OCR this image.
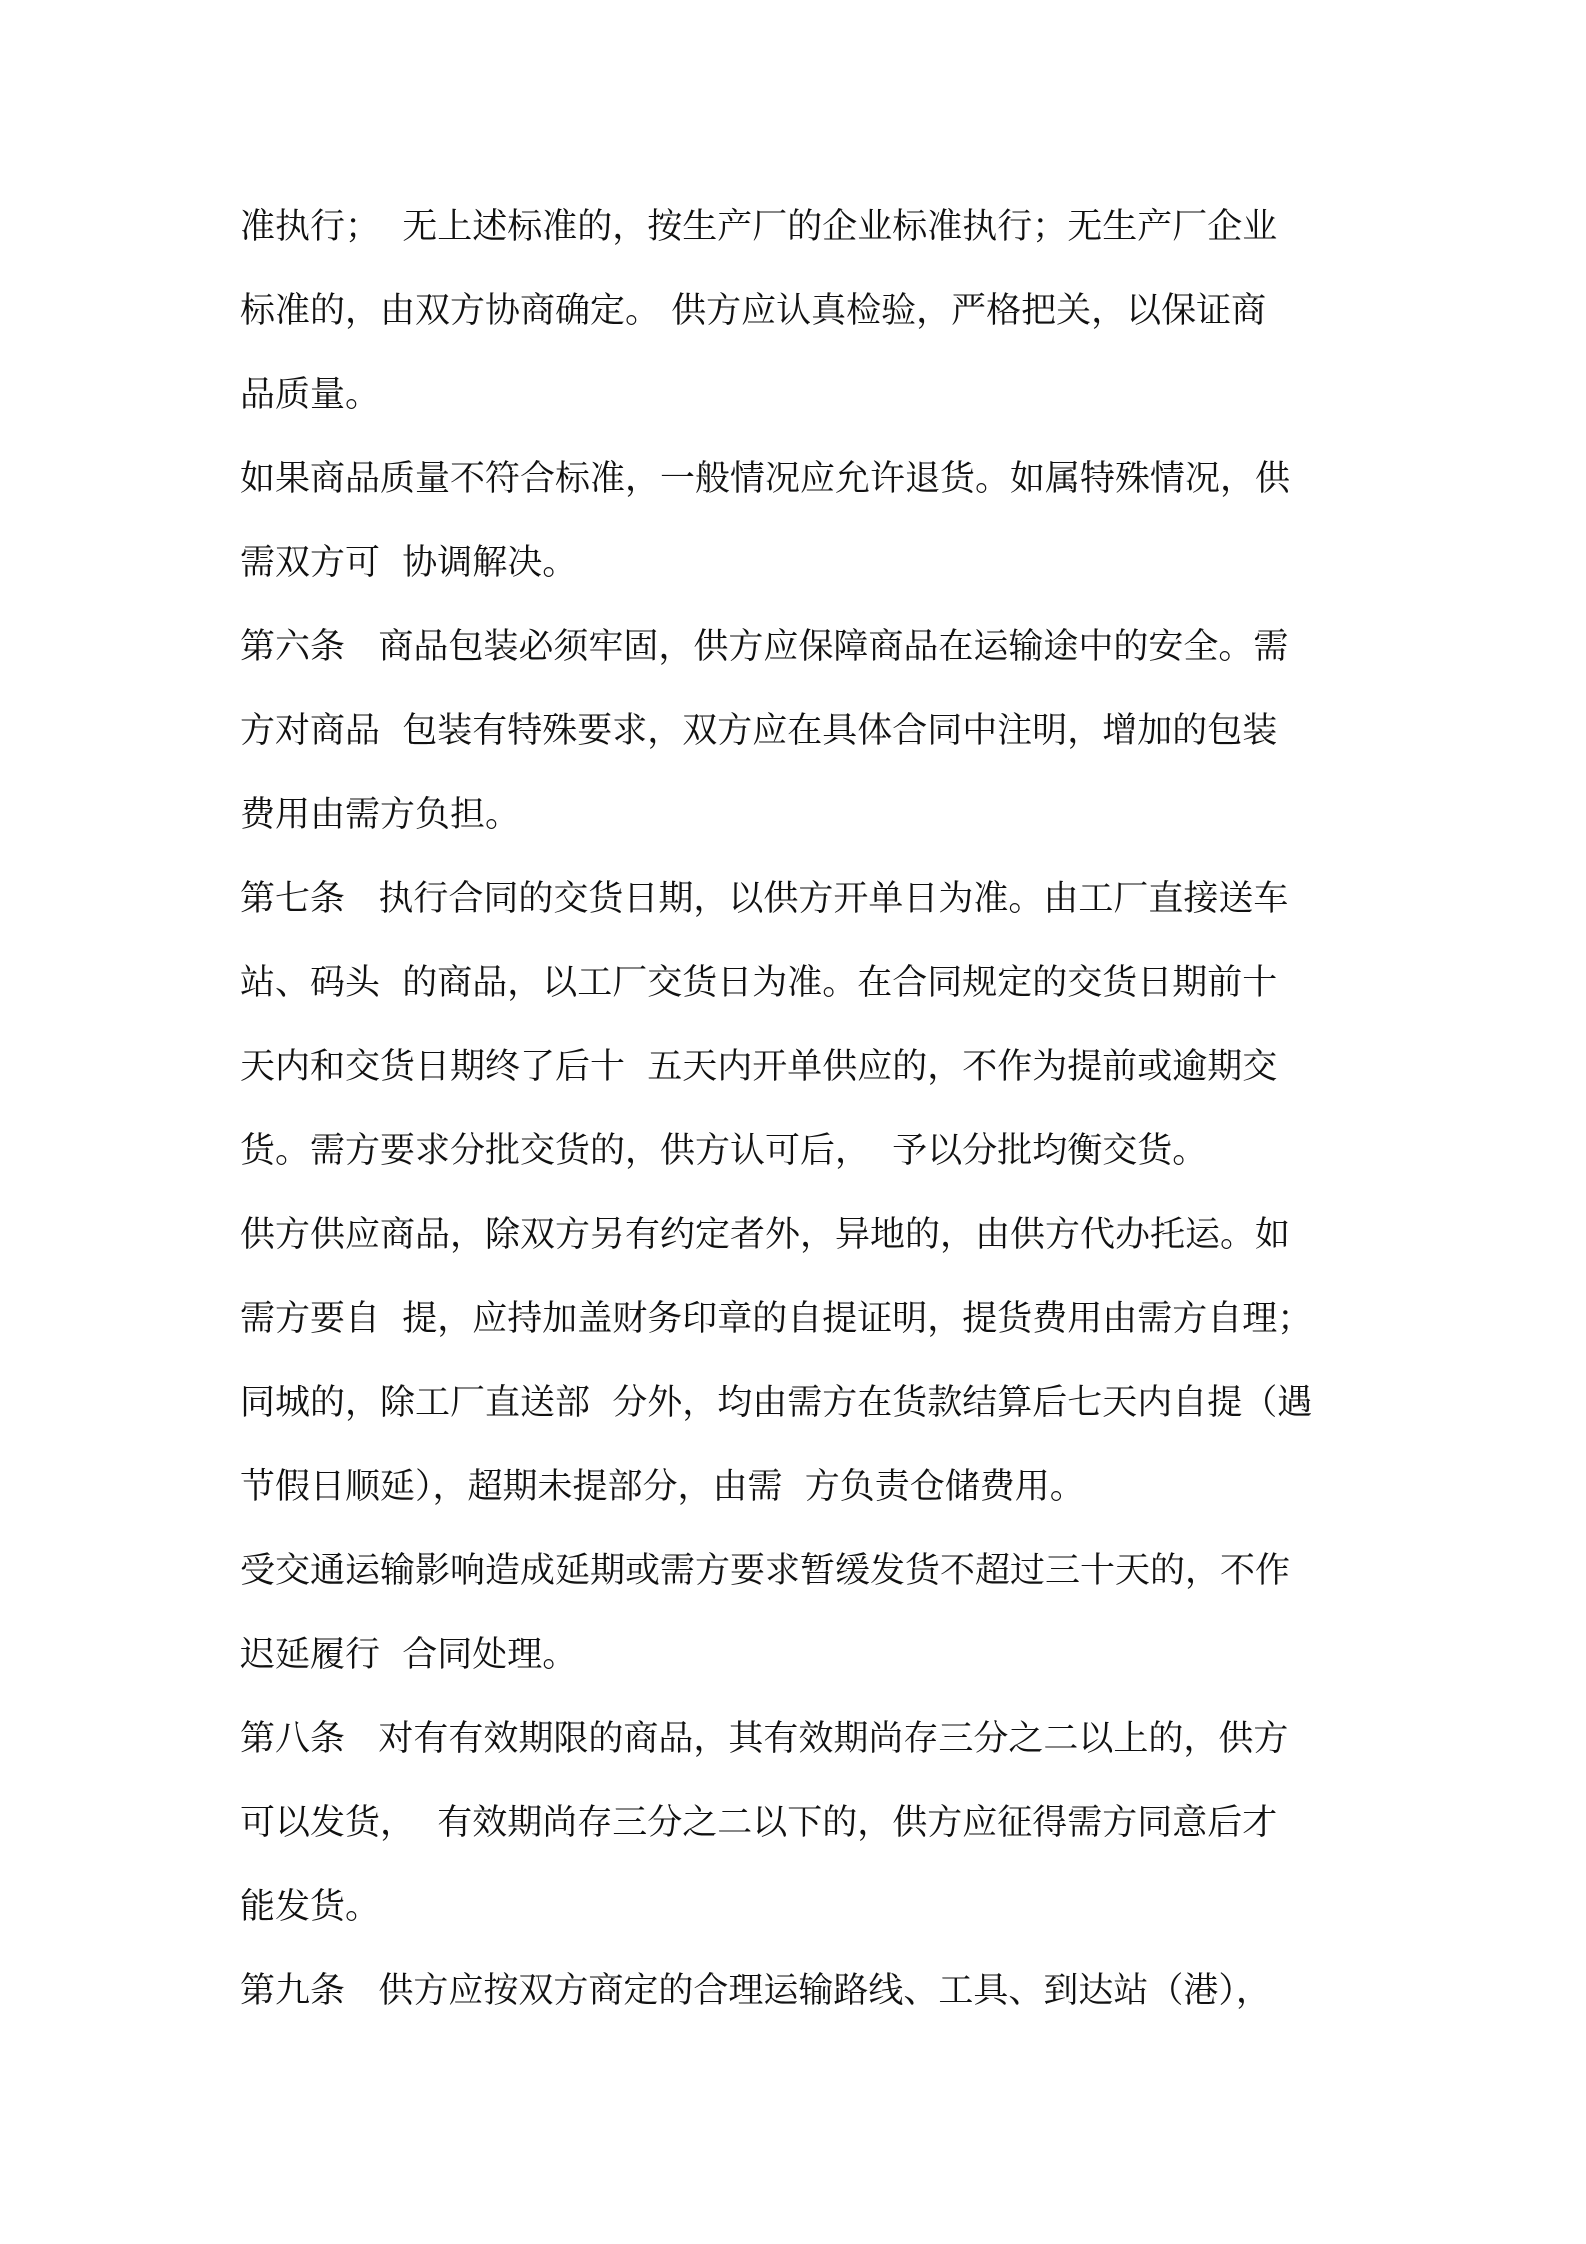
准执行；  无上述标准的，按生产厂的企业标准执行；无生产厂企业
标准的，由双方协商确定。 供方应认真检验，严格把关，以保证商
品质量。
如果商品质量不符合标准，一般情况应允许退货。如属特殊情况，供
需双方可  协调解决。
第六条   商品包装必须牢固，供方应保障商品在运输途中的安全。需
方对商品  包装有特殊要求，双方应在具体合同中注明，增加的包装
费用由需方负担。
第七条   执行合同的交货日期，以供方开单日为准。由工厂直接送车
站、码头  的商品，以工厂交货日为准。在合同规定的交货日期前十
天内和交货日期终了后十  五天内开单供应的，不作为提前或逾期交
货。需方要求分批交货的，供方认可后，  予以分批均衡交货。
供方供应商品，除双方另有约定者外，异地的，由供方代办托运。如
需方要自  提，应持加盖财务印章的自提证明，提货费用由需方自理；
同城的，除工厂直送部  分外，均由需方在货款结算后七天内自提（遇
节假日顺延），超期未提部分，由需  方负责仓储费用。
受交通运输影响造成延期或需方要求暂缓发货不超过三十天的，不作
迟延履行  合同处理。
第八条   对有有效期限的商品，其有效期尚存三分之二以上的，供方
可以发货，  有效期尚存三分之二以下的，供方应征得需方同意后才
能发货。
第九条   供方应按双方商定的合理运输路线、工具、到达站（港），
